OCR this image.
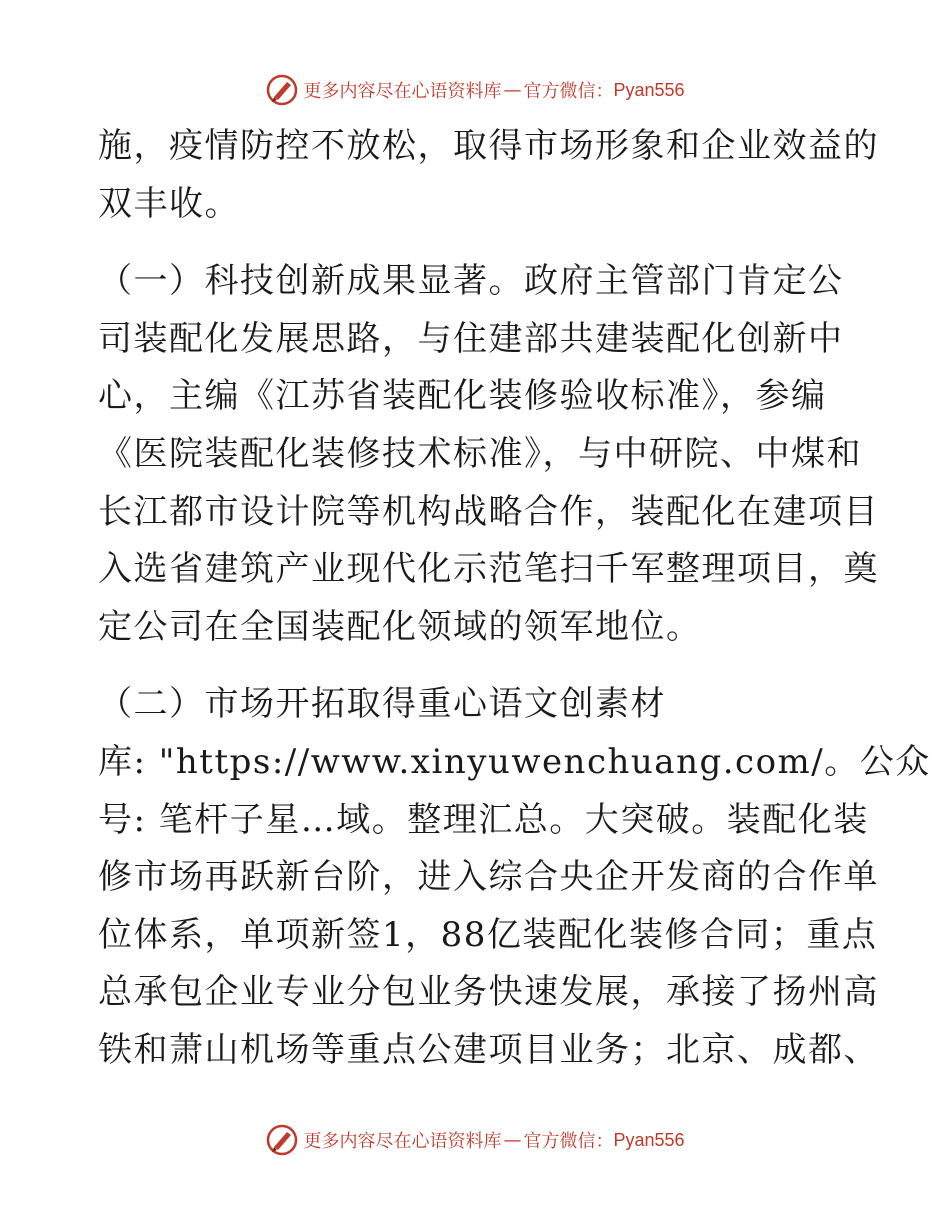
更多内容尽在心语资料库 — 官方微信： Pyan556
施，疫情防控不放松，取得市场形象和企业效益的
双丰收。
（一）科技创新成果显著。政府主管部门肯定公
司装配化发展思路，与住建部共建装配化创新中
心，主编《江苏省装配化装修验收标准》，参编
《医院装配化装修技术标准》，与中研院、中煤和
长江都市设计院等机构战略合作，装配化在建项目
入选省建筑产业现代化示范笔扫千军整理项目，奠
定公司在全国装配化领域的领军地位。
（二）市场开拓取得重心语文创素材
库: "https://www.xinyuwenchuang.com/。公众
号: 笔杆子星…域。整理汇总。大突破。装配化装
修市场再跃新台阶，进入综合央企开发商的合作单
位体系，单项新签1，88亿装配化装修合同；重点
总承包企业专业分包业务快速发展，承接了扬州高
铁和萧山机场等重点公建项目业务；北京、成都、
更多内容尽在心语资料库 — 官方微信： Pyan556
